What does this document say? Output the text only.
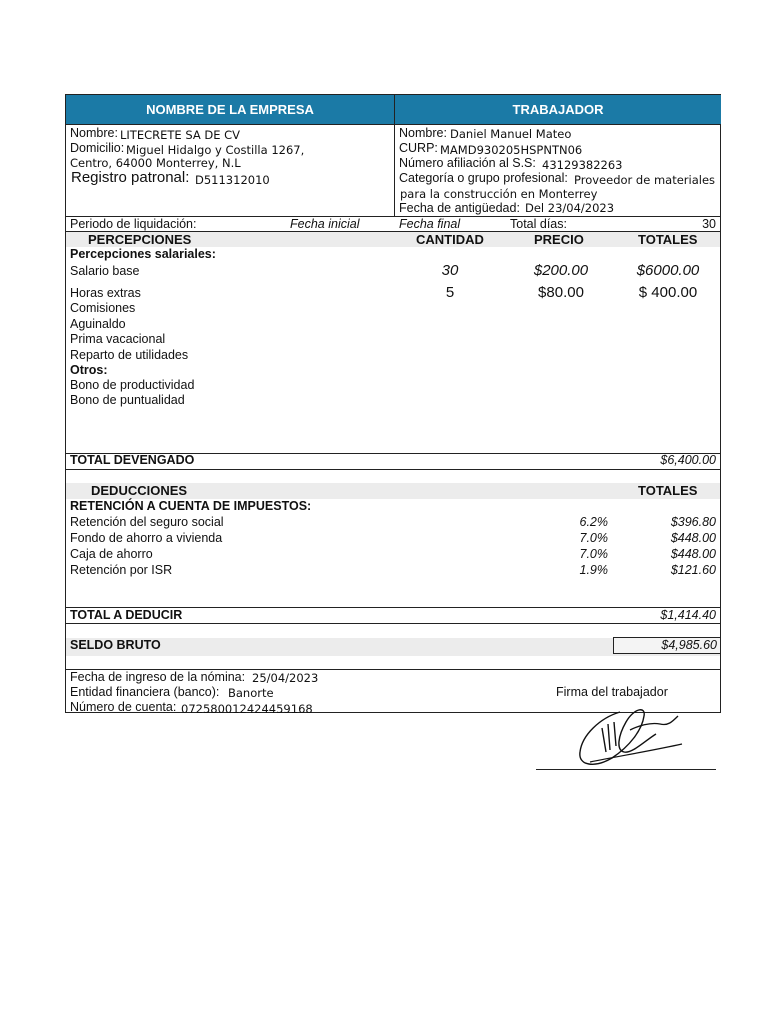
NOMBRE DE LA EMPRESA	TRABAJADOR
Nombre: LITECRETE SA DE CV
Domicilio: Miguel Hidalgo y Costilla 1267,
Centro, 64000 Monterrey, N.L
Registro patronal: D511312010
Nombre: Daniel Manuel Mateo
CURP: MAMD930205HSPNTN06
Número afiliación al S.S: 43129382263
Categoría o grupo profesional: Proveedor de materiales
para la construcción en Monterrey
Fecha de antigüedad: Del 23/04/2023
Periodo de liquidación:	Fecha inicial	Fecha final	Total días:	30
PERCEPCIONES	CANTIDAD	PRECIO	TOTALES
Percepciones salariales:
Salario base	30	$200.00	$6000.00
Horas extras	5	$80.00	$ 400.00
Comisiones
Aguinaldo
Prima vacacional
Reparto de utilidades
Otros:
Bono de productividad
Bono de puntualidad
TOTAL DEVENGADO	$6,400.00
DEDUCCIONES	TOTALES
RETENCIÓN A CUENTA DE IMPUESTOS:
Retención del seguro social	6.2%	$396.80
Fondo de ahorro a vivienda	7.0%	$448.00
Caja de ahorro	7.0%	$448.00
Retención por ISR	1.9%	$121.60
TOTAL A DEDUCIR	$1,414.40
SELDO BRUTO	$4,985.60
Fecha de ingreso de la nómina: 25/04/2023
Entidad financiera (banco): Banorte
Número de cuenta: 072580012424459168
Firma del trabajador
